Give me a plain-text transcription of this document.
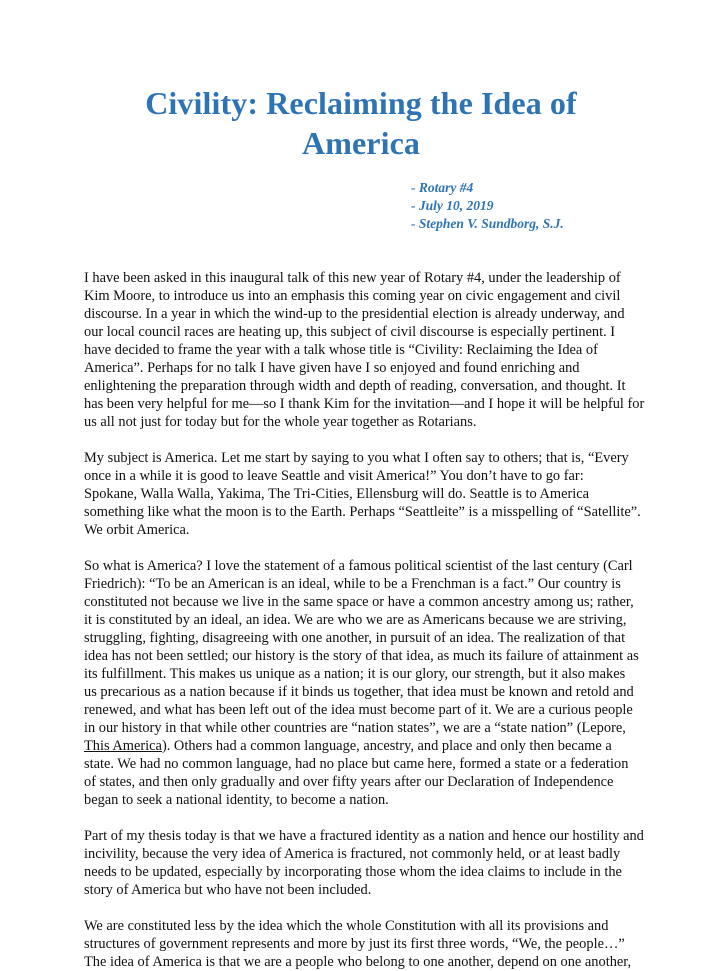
Civility: Reclaiming the Idea of America
- Rotary #4
- July 10, 2019
- Stephen V. Sundborg, S.J.

I have been asked in this inaugural talk of this new year of Rotary #4, under the leadership of
Kim Moore, to introduce us into an emphasis this coming year on civic engagement and civil
discourse. In a year in which the wind-up to the presidential election is already underway, and
our local council races are heating up, this subject of civil discourse is especially pertinent. I
have decided to frame the year with a talk whose title is “Civility: Reclaiming the Idea of
America”. Perhaps for no talk I have given have I so enjoyed and found enriching and
enlightening the preparation through width and depth of reading, conversation, and thought. It
has been very helpful for me—so I thank Kim for the invitation—and I hope it will be helpful for
us all not just for today but for the whole year together as Rotarians.

My subject is America. Let me start by saying to you what I often say to others; that is, “Every
once in a while it is good to leave Seattle and visit America!” You don’t have to go far:
Spokane, Walla Walla, Yakima, The Tri-Cities, Ellensburg will do. Seattle is to America
something like what the moon is to the Earth. Perhaps “Seattleite” is a misspelling of “Satellite”.
We orbit America.

So what is America? I love the statement of a famous political scientist of the last century (Carl
Friedrich): “To be an American is an ideal, while to be a Frenchman is a fact.” Our country is
constituted not because we live in the same space or have a common ancestry among us; rather,
it is constituted by an ideal, an idea. We are who we are as Americans because we are striving,
struggling, fighting, disagreeing with one another, in pursuit of an idea. The realization of that
idea has not been settled; our history is the story of that idea, as much its failure of attainment as
its fulfillment. This makes us unique as a nation; it is our glory, our strength, but it also makes
us precarious as a nation because if it binds us together, that idea must be known and retold and
renewed, and what has been left out of the idea must become part of it. We are a curious people
in our history in that while other countries are “nation states”, we are a “state nation” (Lepore,
This America). Others had a common language, ancestry, and place and only then became a
state. We had no common language, had no place but came here, formed a state or a federation
of states, and then only gradually and over fifty years after our Declaration of Independence
began to seek a national identity, to become a nation.

Part of my thesis today is that we have a fractured identity as a nation and hence our hostility and
incivility, because the very idea of America is fractured, not commonly held, or at least badly
needs to be updated, especially by incorporating those whom the idea claims to include in the
story of America but who have not been included.

We are constituted less by the idea which the whole Constitution with all its provisions and
structures of government represents and more by just its first three words, “We, the people…”
The idea of America is that we are a people who belong to one another, depend on one another,
